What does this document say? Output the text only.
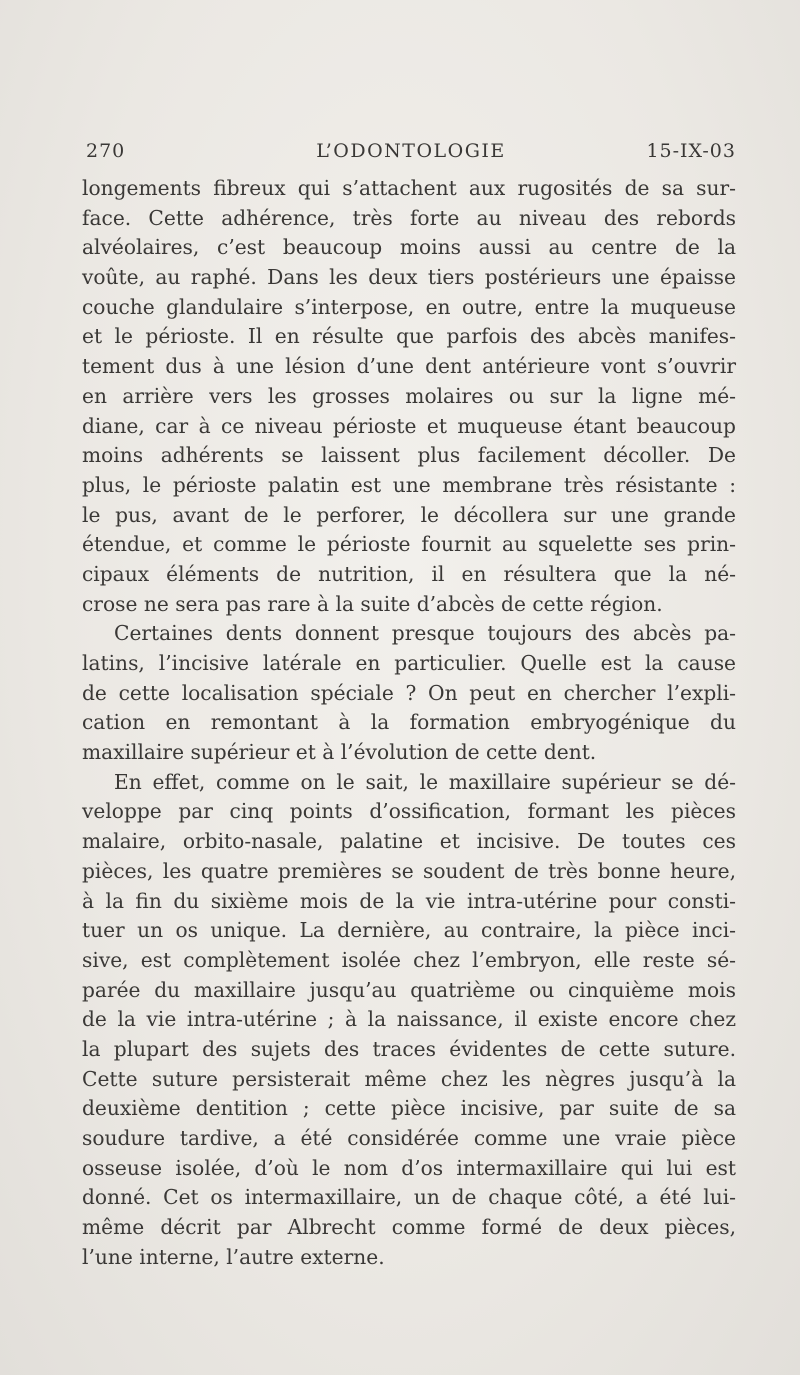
270	L’ODONTOLOGIE	15-IX-03
longements fibreux qui s’attachent aux rugosités de sa sur-
face. Cette adhérence, très forte au niveau des rebords
alvéolaires, c’est beaucoup moins aussi au centre de la
voûte, au raphé. Dans les deux tiers postérieurs une épaisse
couche glandulaire s’interpose, en outre, entre la muqueuse
et le périoste. Il en résulte que parfois des abcès manifes-
tement dus à une lésion d’une dent antérieure vont s’ouvrir
en arrière vers les grosses molaires ou sur la ligne mé-
diane, car à ce niveau périoste et muqueuse étant beaucoup
moins adhérents se laissent plus facilement décoller. De
plus, le périoste palatin est une membrane très résistante :
le pus, avant de le perforer, le décollera sur une grande
étendue, et comme le périoste fournit au squelette ses prin-
cipaux éléments de nutrition, il en résultera que la né-
crose ne sera pas rare à la suite d’abcès de cette région.
Certaines dents donnent presque toujours des abcès pa-
latins, l’incisive latérale en particulier. Quelle est la cause
de cette localisation spéciale ? On peut en chercher l’expli-
cation en remontant à la formation embryogénique du
maxillaire supérieur et à l’évolution de cette dent.
En effet, comme on le sait, le maxillaire supérieur se dé-
veloppe par cinq points d’ossification, formant les pièces
malaire, orbito-nasale, palatine et incisive. De toutes ces
pièces, les quatre premières se soudent de très bonne heure,
à la fin du sixième mois de la vie intra-utérine pour consti-
tuer un os unique. La dernière, au contraire, la pièce inci-
sive, est complètement isolée chez l’embryon, elle reste sé-
parée du maxillaire jusqu’au quatrième ou cinquième mois
de la vie intra-utérine ; à la naissance, il existe encore chez
la plupart des sujets des traces évidentes de cette suture.
Cette suture persisterait même chez les nègres jusqu’à la
deuxième dentition ; cette pièce incisive, par suite de sa
soudure tardive, a été considérée comme une vraie pièce
osseuse isolée, d’où le nom d’os intermaxillaire qui lui est
donné. Cet os intermaxillaire, un de chaque côté, a été lui-
même décrit par Albrecht comme formé de deux pièces,
l’une interne, l’autre externe.
